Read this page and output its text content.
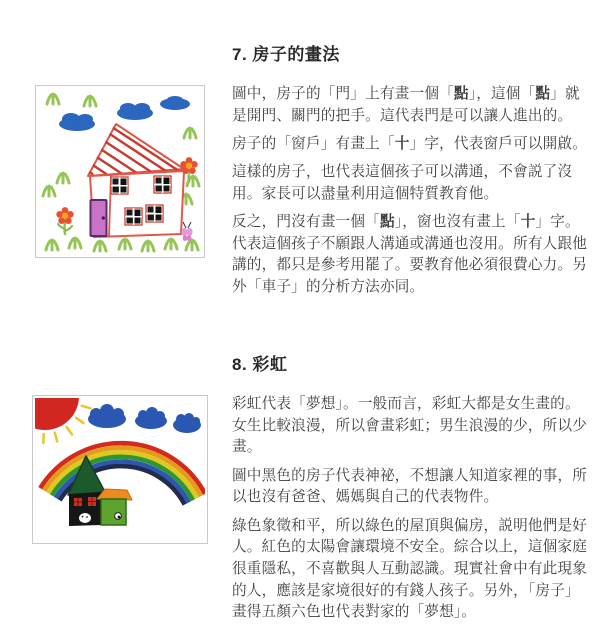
7. 房子的畫法

圖中，房子的「門」上有畫一個「點」，這個「點」就是開門、關門的把手。這代表門是可以讓人進出的。

房子的「窗戶」有畫上「十」字，代表窗戶可以開啟。

這樣的房子，也代表這個孩子可以溝通，不會説了沒用。家長可以盡量利用這個特質教育他。

反之，門沒有畫一個「點」，窗也沒有畫上「十」字。代表這個孩子不願跟人溝通或溝通也沒用。所有人跟他講的，都只是參考用罷了。要教育他必須很費心力。另外「車子」的分析方法亦同。

8. 彩虹

彩虹代表「夢想」。一般而言，彩虹大都是女生畫的。女生比較浪漫，所以會畫彩虹；男生浪漫的少，所以少畫。

圖中黑色的房子代表神祕，不想讓人知道家裡的事，所以也沒有爸爸、媽媽與自己的代表物件。

綠色象徵和平，所以綠色的屋頂與偏房，説明他們是好人。紅色的太陽會讓環境不安全。綜合以上，這個家庭很重隱私，不喜歡與人互動認識。現實社會中有此現象的人，應該是家境很好的有錢人孩子。另外，「房子」畫得五顏六色也代表對家的「夢想」。
